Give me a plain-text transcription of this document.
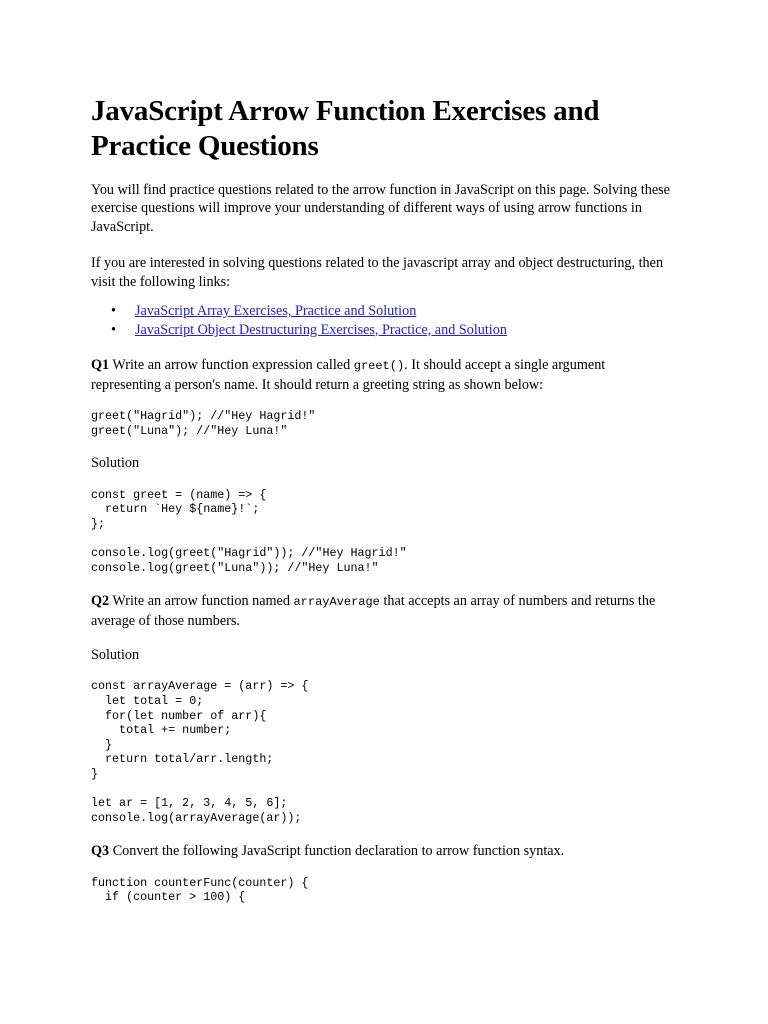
JavaScript Arrow Function Exercises and Practice Questions

You will find practice questions related to the arrow function in JavaScript on this page. Solving these exercise questions will improve your understanding of different ways of using arrow functions in JavaScript.

If you are interested in solving questions related to the javascript array and object destructuring, then visit the following links:

• JavaScript Array Exercises, Practice and Solution
• JavaScript Object Destructuring Exercises, Practice, and Solution

Q1 Write an arrow function expression called greet(). It should accept a single argument representing a person's name. It should return a greeting string as shown below:

greet("Hagrid"); //"Hey Hagrid!"
greet("Luna"); //"Hey Luna!"

Solution

const greet = (name) => {
return `Hey ${name}!`;
};
console.log(greet("Hagrid")); //"Hey Hagrid!"
console.log(greet("Luna")); //"Hey Luna!"

Q2 Write an arrow function named arrayAverage that accepts an array of numbers and returns the average of those numbers.

Solution

const arrayAverage = (arr) => {
let total = 0;
for(let number of arr){
total += number;
}
return total/arr.length;
}
let ar = [1, 2, 3, 4, 5, 6];
console.log(arrayAverage(ar));

Q3 Convert the following JavaScript function declaration to arrow function syntax.

function counterFunc(counter) {
if (counter > 100) {
